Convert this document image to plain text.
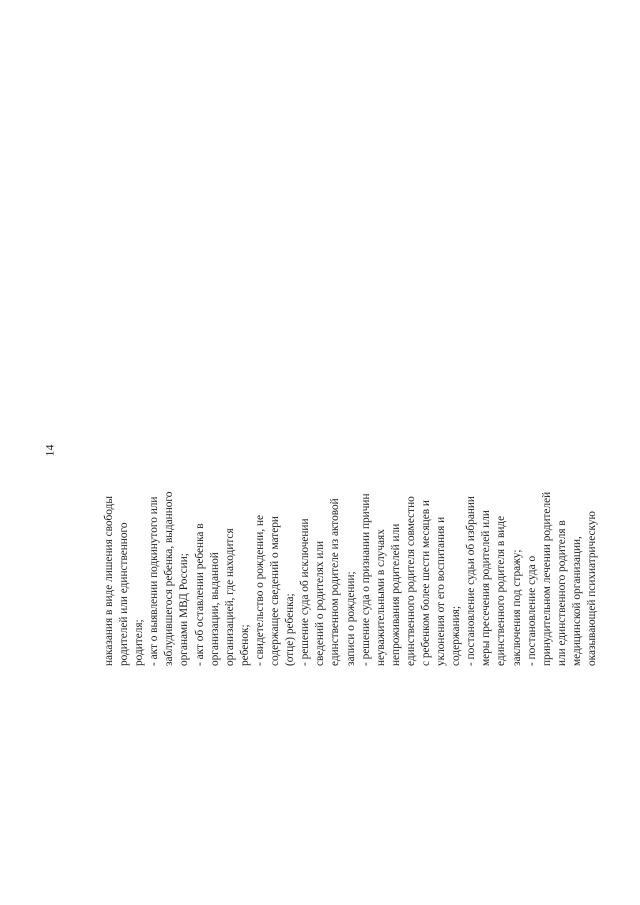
14
наказания в виде лишения свободы родителей или единственного родителя; - акт о выявлении подкинутого или заблудившегося ребенка, выданного органами МВД России; - акт об оставлении ребенка в организации, выданной организацией, где находится ребенок; - свидетельство о рождении, не содержащее сведений о матери (отце) ребенка; - решение суда об исключении сведений о родителях или единственном родителе из актовой записи о рождении; - решение суда о признании причин неуважительными в случаях непроживания родителей или единственного родителя совместно с ребенком более шести месяцев и уклонения от его воспитания и содержания; - постановление судьи об избрании меры пресечения родителей или единственного родителя в виде заключения под стражу; - постановление суда о принудительном лечении родителей или единственного родителя в медицинской организации, оказывающей психиатрическую
